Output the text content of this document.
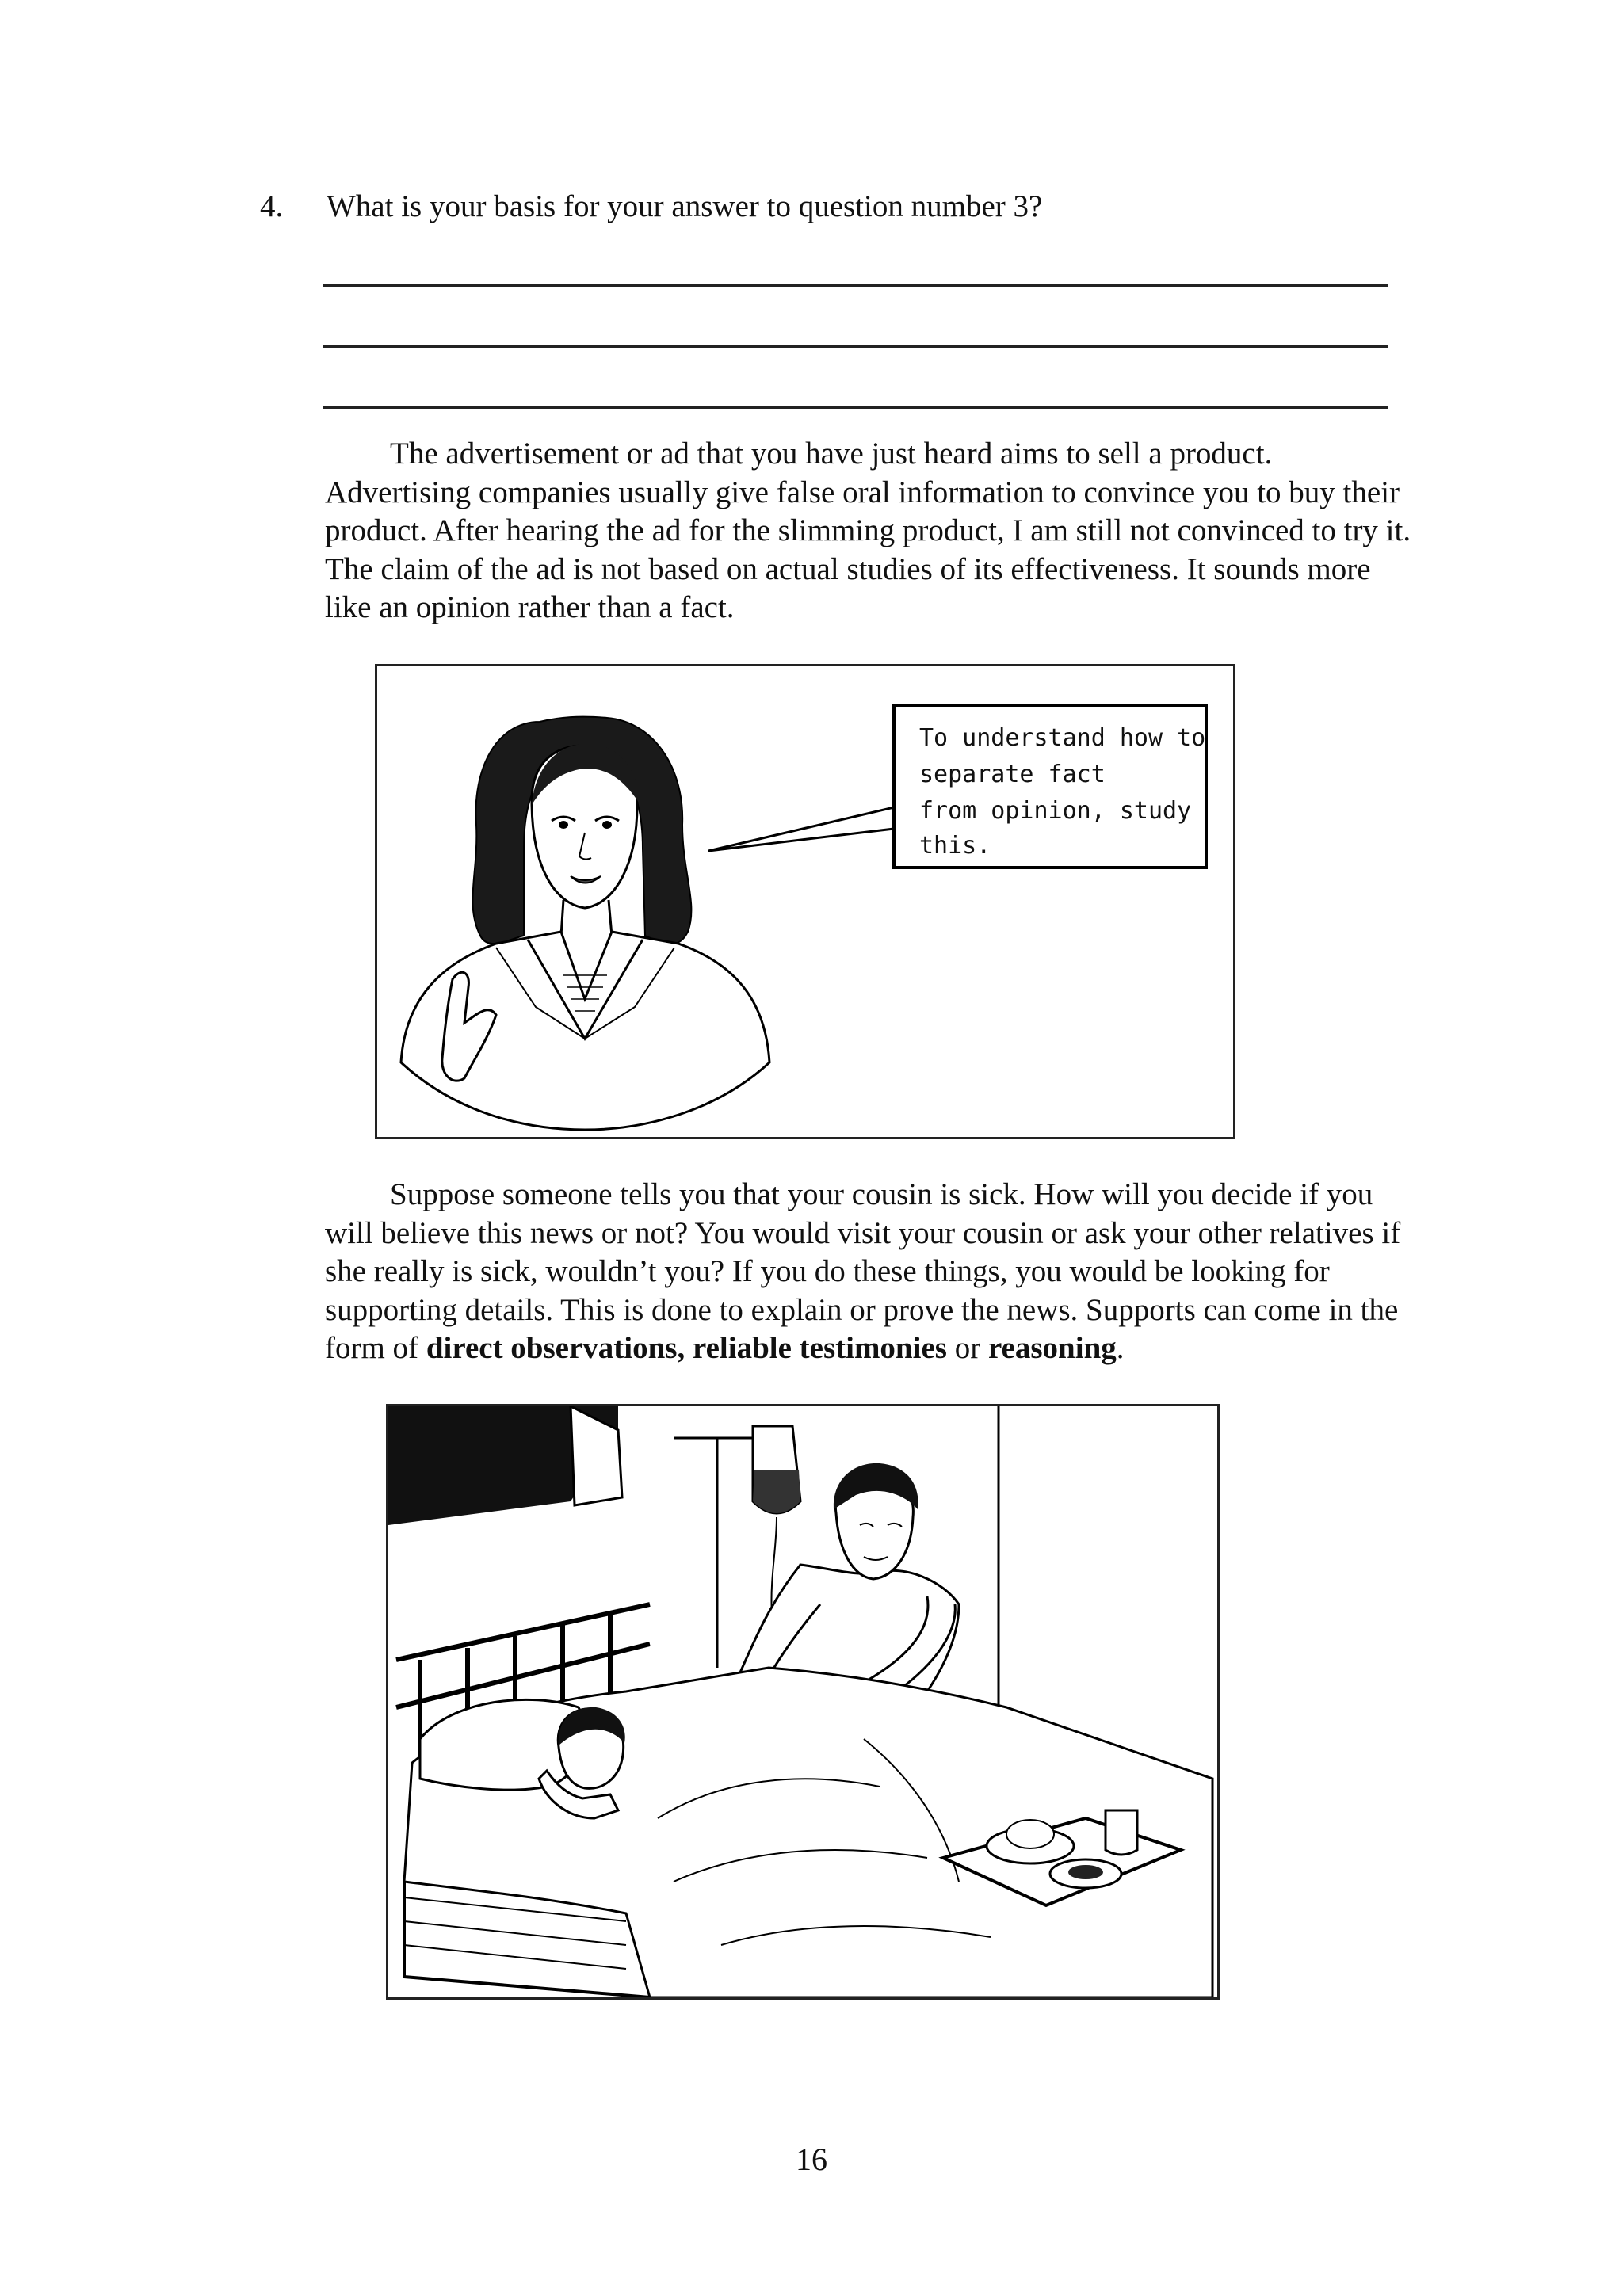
4. What is your basis for your answer to question number 3?

The advertisement or ad that you have just heard aims to sell a product.
Advertising companies usually give false oral information to convince you to buy their
product. After hearing the ad for the slimming product, I am still not convinced to try it.
The claim of the ad is not based on actual studies of its effectiveness. It sounds more
like an opinion rather than a fact.

To understand how to
separate fact
from opinion, study
this.

Suppose someone tells you that your cousin is sick. How will you decide if you
will believe this news or not? You would visit your cousin or ask your other relatives if
she really is sick, wouldn’t you? If you do these things, you would be looking for
supporting details. This is done to explain or prove the news. Supports can come in the
form of direct observations, reliable testimonies or reasoning.

16
